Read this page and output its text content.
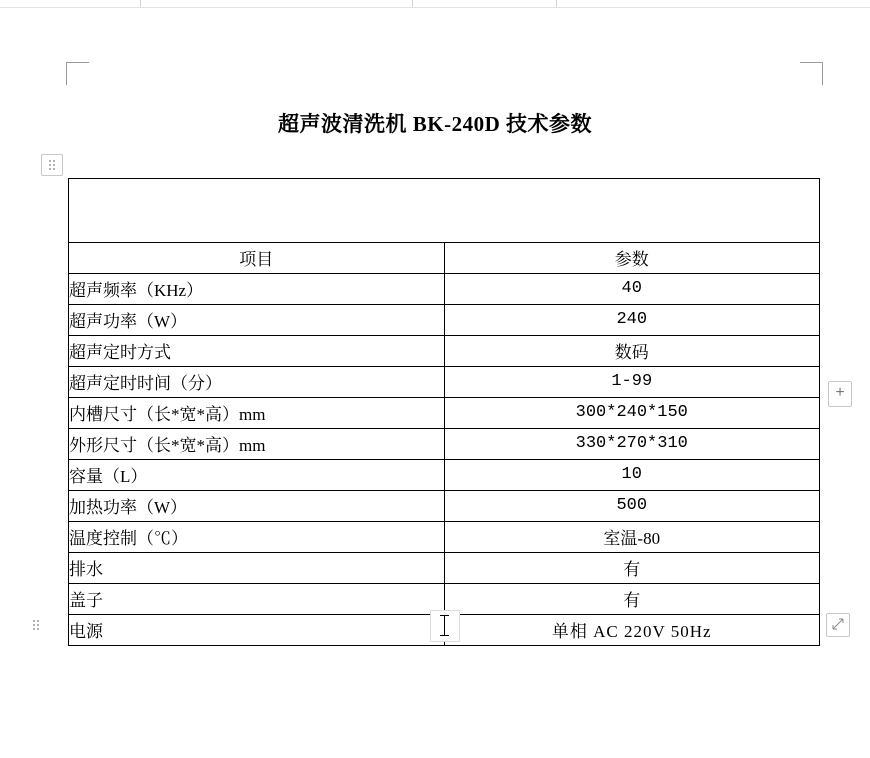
超声波清洗机 BK-240D 技术参数

项目	参数
超声频率（KHz）	40
超声功率（W）	240
超声定时方式	数码
超声定时时间（分）	1-99
内槽尺寸（长*宽*高）mm	300*240*150
外形尺寸（长*宽*高）mm	330*270*310
容量（L）	10
加热功率（W）	500
温度控制（℃）	室温-80
排水	有
盖子	有
电源	单相 AC 220V 50Hz
+
